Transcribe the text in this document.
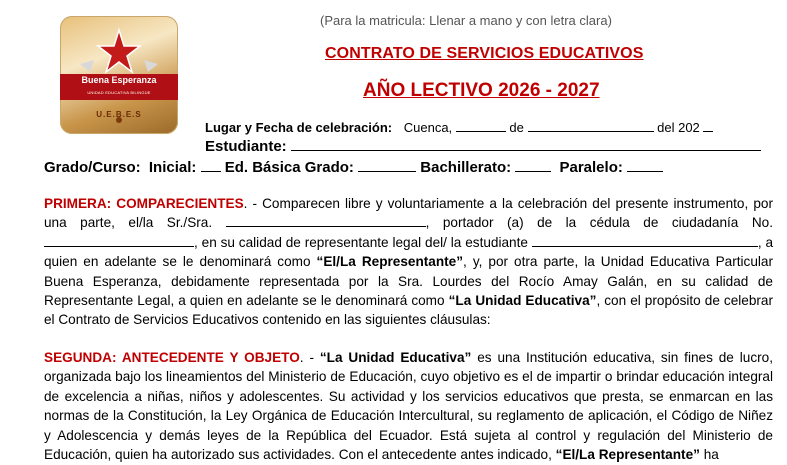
Buena Esperanza
UNIDAD EDUCATIVA BILINGÜE
U.E.B.E.S
(Para la matricula: Llenar a mano y con letra clara)
CONTRATO DE SERVICIOS EDUCATIVOS
AÑO LECTIVO 2026 - 2027
Lugar y Fecha de celebración: Cuenca,	de	del 202
Estudiante:
Grado/Curso: Inicial: Ed. Básica Grado:	Bachillerato:	Paralelo:
PRIMERA: COMPARECIENTES. - Comparecen libre y voluntariamente a la celebración del presente instrumento, por una parte, el/la Sr./Sra.	, portador (a) de la cédula de ciudadanía No. , en su calidad de representante legal del/ la estudiante	, a quien en adelante se le denominará como “El/La Representante”, y, por otra parte, la Unidad Educativa Particular Buena Esperanza, debidamente representada por la Sra. Lourdes del Rocío Amay Galán, en su calidad de Representante Legal, a quien en adelante se le denominará como “La Unidad Educativa”, con el propósito de celebrar el Contrato de Servicios Educativos contenido en las siguientes cláusulas:
SEGUNDA: ANTECEDENTE Y OBJETO. - “La Unidad Educativa” es una Institución educativa, sin fines de lucro, organizada bajo los lineamientos del Ministerio de Educación, cuyo objetivo es el de impartir o brindar educación integral de excelencia a niñas, niños y adolescentes. Su actividad y los servicios educativos que presta, se enmarcan en las normas de la Constitución, la Ley Orgánica de Educación Intercultural, su reglamento de aplicación, el Código de Niñez y Adolescencia y demás leyes de la República del Ecuador. Está sujeta al control y regulación del Ministerio de Educación, quien ha autorizado sus actividades. Con el antecedente antes indicado, “El/La Representante” ha
